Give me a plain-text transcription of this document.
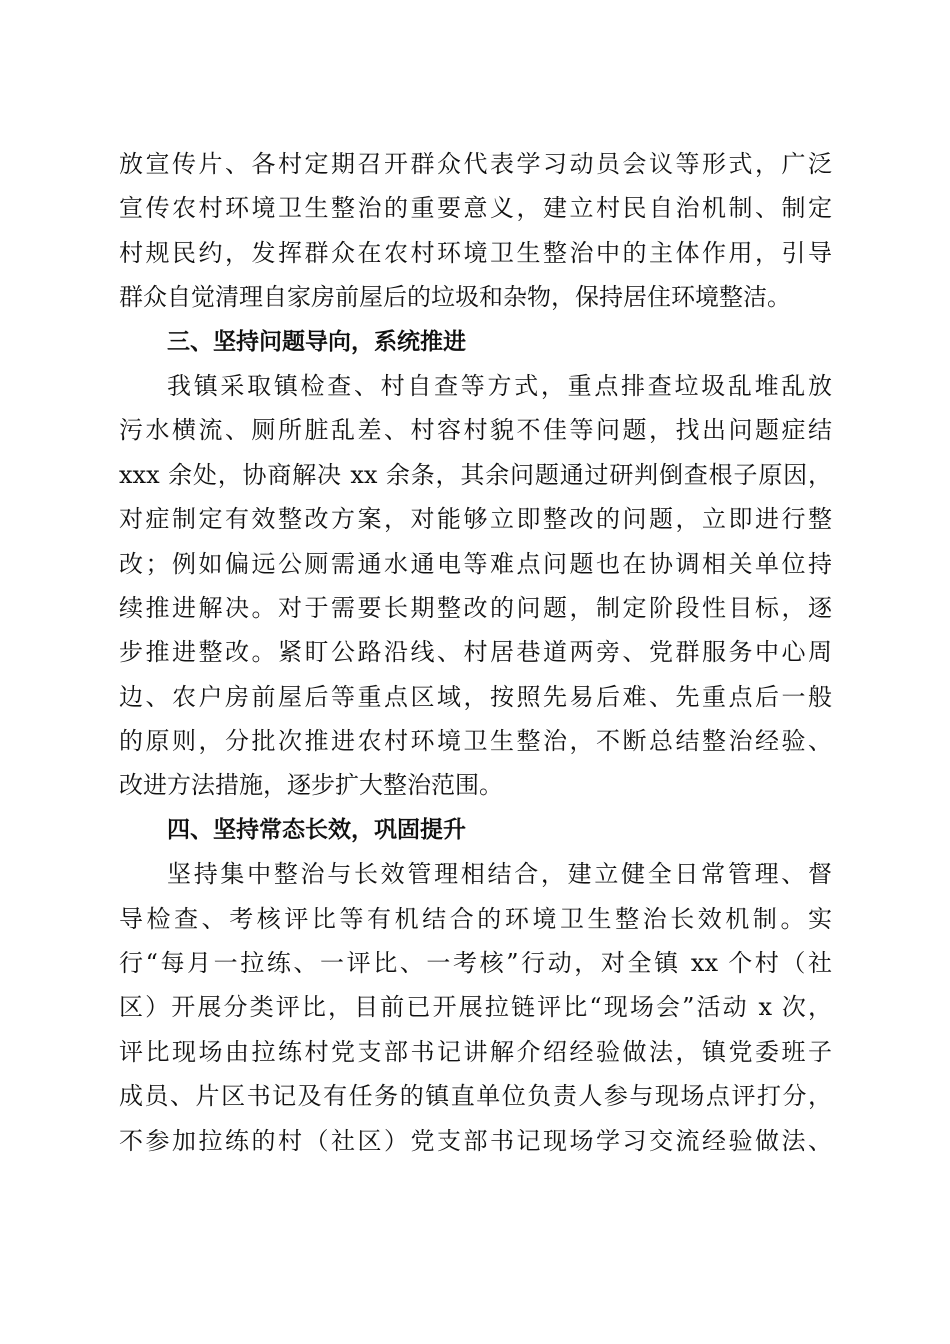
放宣传片、各村定期召开群众代表学习动员会议等形式，广泛
宣传农村环境卫生整治的重要意义，建立村民自治机制、制定
村规民约，发挥群众在农村环境卫生整治中的主体作用，引导
群众自觉清理自家房前屋后的垃圾和杂物，保持居住环境整洁。
三、坚持问题导向，系统推进
我镇采取镇检查、村自查等方式，重点排查垃圾乱堆乱放
污水横流、厕所脏乱差、村容村貌不佳等问题，找出问题症结
xxx 余处，协商解决 xx 余条，其余问题通过研判倒查根子原因，
对症制定有效整改方案，对能够立即整改的问题，立即进行整
改；例如偏远公厕需通水通电等难点问题也在协调相关单位持
续推进解决。对于需要长期整改的问题，制定阶段性目标，逐
步推进整改。紧盯公路沿线、村居巷道两旁、党群服务中心周
边、农户房前屋后等重点区域，按照先易后难、先重点后一般
的原则，分批次推进农村环境卫生整治，不断总结整治经验、
改进方法措施，逐步扩大整治范围。
四、坚持常态长效，巩固提升
坚持集中整治与长效管理相结合，建立健全日常管理、督
导检查、考核评比等有机结合的环境卫生整治长效机制。实
行“每月一拉练、一评比、一考核”行动，对全镇 xx 个村（社
区）开展分类评比，目前已开展拉链评比“现场会”活动 x 次，
评比现场由拉练村党支部书记讲解介绍经验做法，镇党委班子
成员、片区书记及有任务的镇直单位负责人参与现场点评打分，
不参加拉练的村（社区）党支部书记现场学习交流经验做法、
